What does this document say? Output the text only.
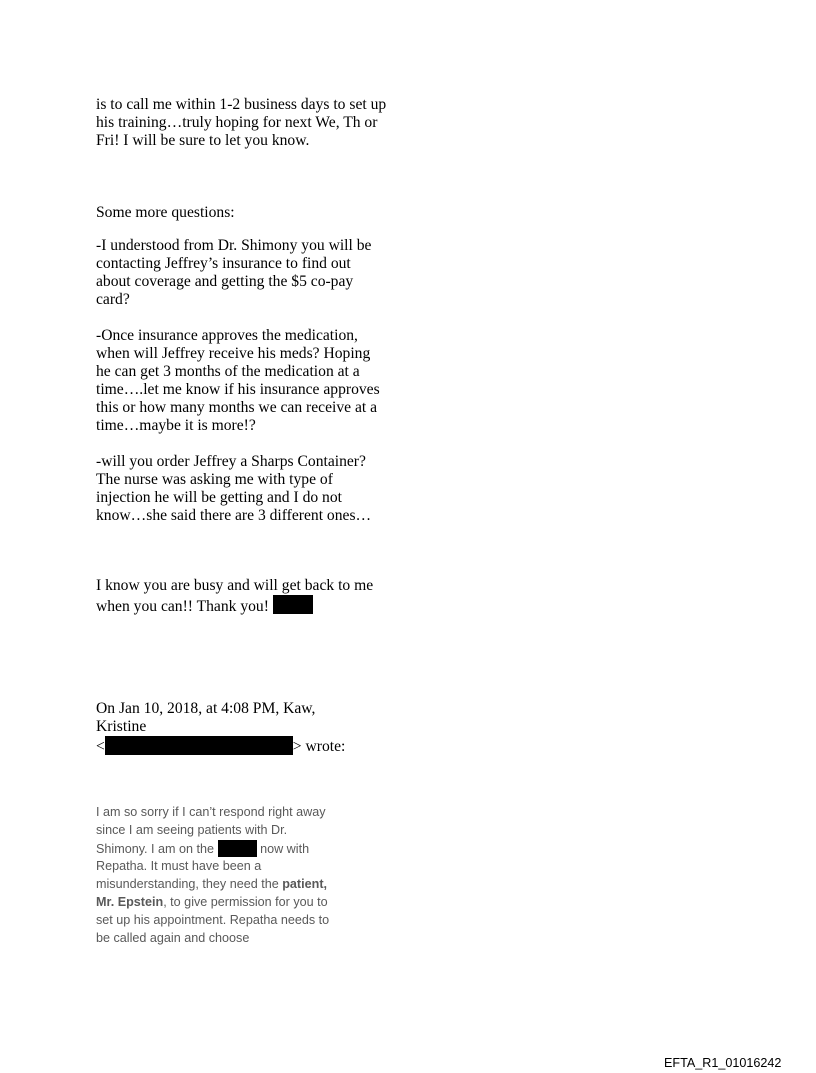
is to call me within 1-2 business days to set up
his training…truly hoping for next We, Th or
Fri! I will be sure to let you know.

Some more questions:

-I understood from Dr. Shimony you will be
contacting Jeffrey’s insurance to find out
about coverage and getting the $5 co-pay
card?

-Once insurance approves the medication,
when will Jeffrey receive his meds? Hoping
he can get 3 months of the medication at a
time….let me know if his insurance approves
this or how many months we can receive at a
time…maybe it is more!?

-will you order Jeffrey a Sharps Container?
The nurse was asking me with type of
injection he will be getting and I do not
know…she said there are 3 different ones…

I know you are busy and will get back to me
when you can!! Thank you!

On Jan 10, 2018, at 4:08 PM, Kaw,
Kristine
<	> wrote:

I am so sorry if I can’t respond right away
since I am seeing patients with Dr.
Shimony. I am on the	now with
Repatha. It must have been a
misunderstanding, they need the patient,
Mr. Epstein, to give permission for you to
set up his appointment. Repatha needs to
be called again and choose
EFTA_R1_01016242
